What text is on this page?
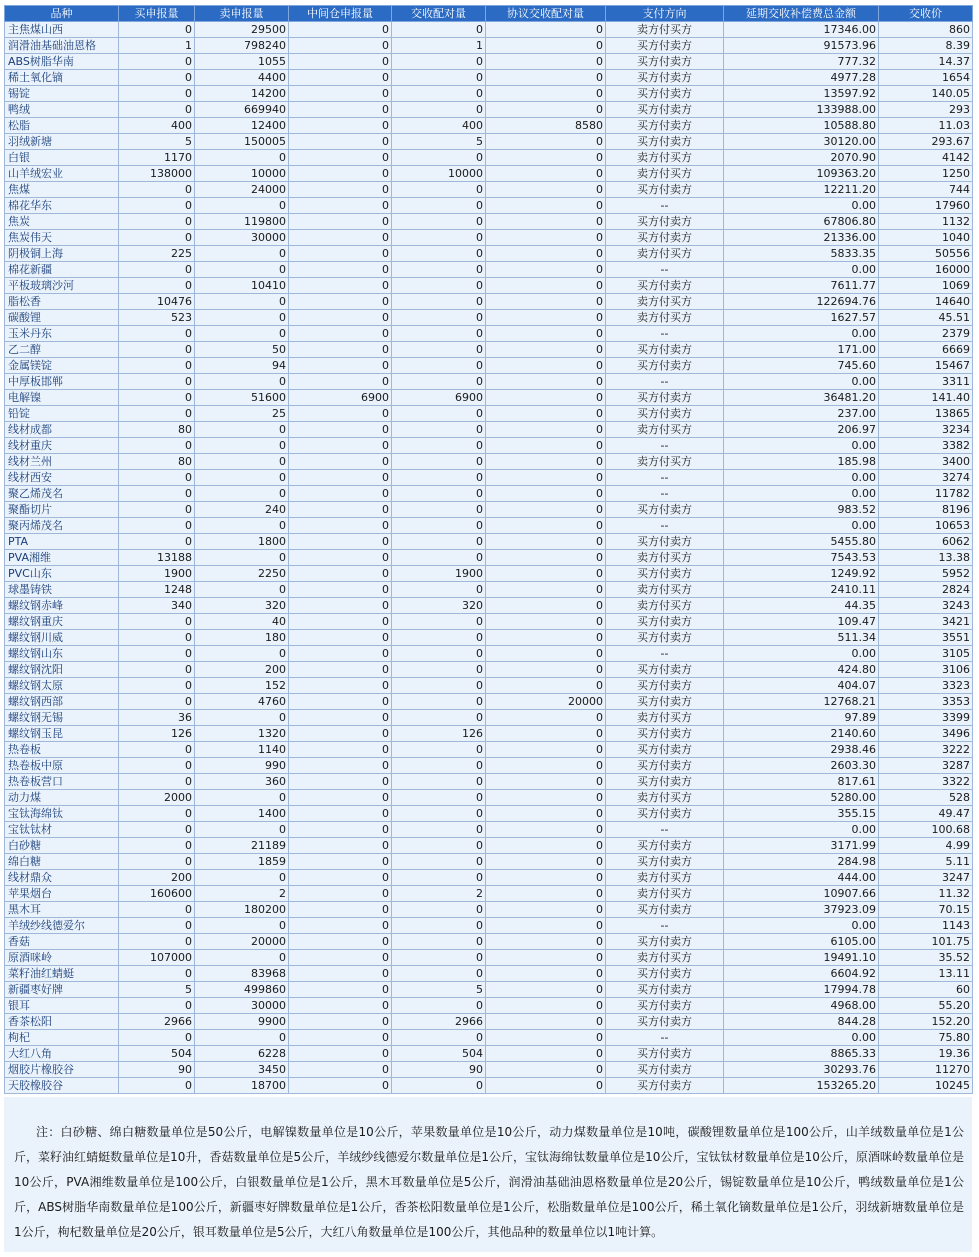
品种	买申报量	卖申报量	中间仓申报量	交收配对量	协议交收配对量	支付方向	延期交收补偿费总金额	交收价
主焦煤山西	0	29500	0	0	0	卖方付买方	17346.00	860
润滑油基础油恩格	1	798240	0	1	0	买方付卖方	91573.96	8.39
ABS树脂华南	0	1055	0	0	0	买方付卖方	777.32	14.37
稀土氧化镝	0	4400	0	0	0	买方付卖方	4977.28	1654
锡锭	0	14200	0	0	0	买方付卖方	13597.92	140.05
鸭绒	0	669940	0	0	0	买方付卖方	133988.00	293
松脂	400	12400	0	400	8580	买方付卖方	10588.80	11.03
羽绒新塘	5	150005	0	5	0	买方付卖方	30120.00	293.67
白银	1170	0	0	0	0	卖方付买方	2070.90	4142
山羊绒宏业	138000	10000	0	10000	0	卖方付买方	109363.20	1250
焦煤	0	24000	0	0	0	买方付卖方	12211.20	744
棉花华东	0	0	0	0	0	--	0.00	17960
焦炭	0	119800	0	0	0	买方付卖方	67806.80	1132
焦炭伟天	0	30000	0	0	0	买方付卖方	21336.00	1040
阴极铜上海	225	0	0	0	0	卖方付买方	5833.35	50556
棉花新疆	0	0	0	0	0	--	0.00	16000
平板玻璃沙河	0	10410	0	0	0	买方付卖方	7611.77	1069
脂松香	10476	0	0	0	0	卖方付买方	122694.76	14640
碳酸锂	523	0	0	0	0	卖方付买方	1627.57	45.51
玉米丹东	0	0	0	0	0	--	0.00	2379
乙二醇	0	50	0	0	0	买方付卖方	171.00	6669
金属镁锭	0	94	0	0	0	买方付卖方	745.60	15467
中厚板邯郸	0	0	0	0	0	--	0.00	3311
电解镍	0	51600	6900	6900	0	买方付卖方	36481.20	141.40
铅锭	0	25	0	0	0	买方付卖方	237.00	13865
线材成都	80	0	0	0	0	卖方付买方	206.97	3234
线材重庆	0	0	0	0	0	--	0.00	3382
线材兰州	80	0	0	0	0	卖方付买方	185.98	3400
线材西安	0	0	0	0	0	--	0.00	3274
聚乙烯茂名	0	0	0	0	0	--	0.00	11782
聚酯切片	0	240	0	0	0	买方付卖方	983.52	8196
聚丙烯茂名	0	0	0	0	0	--	0.00	10653
PTA	0	1800	0	0	0	买方付卖方	5455.80	6062
PVA湘维	13188	0	0	0	0	卖方付买方	7543.53	13.38
PVC山东	1900	2250	0	1900	0	买方付卖方	1249.92	5952
球墨铸铁	1248	0	0	0	0	卖方付买方	2410.11	2824
螺纹钢赤峰	340	320	0	320	0	卖方付买方	44.35	3243
螺纹钢重庆	0	40	0	0	0	买方付卖方	109.47	3421
螺纹钢川威	0	180	0	0	0	买方付卖方	511.34	3551
螺纹钢山东	0	0	0	0	0	--	0.00	3105
螺纹钢沈阳	0	200	0	0	0	买方付卖方	424.80	3106
螺纹钢太原	0	152	0	0	0	买方付卖方	404.07	3323
螺纹钢西部	0	4760	0	0	20000	买方付卖方	12768.21	3353
螺纹钢无锡	36	0	0	0	0	卖方付买方	97.89	3399
螺纹钢玉昆	126	1320	0	126	0	买方付卖方	2140.60	3496
热卷板	0	1140	0	0	0	买方付卖方	2938.46	3222
热卷板中原	0	990	0	0	0	买方付卖方	2603.30	3287
热卷板营口	0	360	0	0	0	买方付卖方	817.61	3322
动力煤	2000	0	0	0	0	卖方付买方	5280.00	528
宝钛海绵钛	0	1400	0	0	0	买方付卖方	355.15	49.47
宝钛钛材	0	0	0	0	0	--	0.00	100.68
白砂糖	0	21189	0	0	0	买方付卖方	3171.99	4.99
绵白糖	0	1859	0	0	0	买方付卖方	284.98	5.11
线材鼎众	200	0	0	0	0	卖方付买方	444.00	3247
苹果烟台	160600	2	0	2	0	卖方付买方	10907.66	11.32
黑木耳	0	180200	0	0	0	买方付卖方	37923.09	70.15
羊绒纱线德爱尔	0	0	0	0	0	--	0.00	1143
香菇	0	20000	0	0	0	买方付卖方	6105.00	101.75
原酒咪岭	107000	0	0	0	0	卖方付买方	19491.10	35.52
菜籽油红蜻蜓	0	83968	0	0	0	买方付卖方	6604.92	13.11
新疆枣好牌	5	499860	0	5	0	买方付卖方	17994.78	60
银耳	0	30000	0	0	0	买方付卖方	4968.00	55.20
香茶松阳	2966	9900	0	2966	0	买方付卖方	844.28	152.20
枸杞	0	0	0	0	0	--	0.00	75.80
大红八角	504	6228	0	504	0	买方付卖方	8865.33	19.36
烟胶片橡胶谷	90	3450	0	90	0	买方付卖方	30293.76	11270
天胶橡胶谷	0	18700	0	0	0	买方付卖方	153265.20	10245
注：白砂糖、绵白糖数量单位是50公斤，电解镍数量单位是10公斤，苹果数量单位是10公斤，动力煤数量单位是10吨，碳酸锂数量单位是100公斤，山羊绒数量单位是1公斤，菜籽油红蜻蜓数量单位是10升，香菇数量单位是5公斤，羊绒纱线德爱尔数量单位是1公斤，宝钛海绵钛数量单位是10公斤，宝钛钛材数量单位是10公斤，原酒咪岭数量单位是10公斤，PVA湘维数量单位是100公斤，白银数量单位是1公斤，黑木耳数量单位是5公斤，润滑油基础油恩格数量单位是20公斤，锡锭数量单位是10公斤，鸭绒数量单位是1公斤，ABS树脂华南数量单位是100公斤，新疆枣好牌数量单位是1公斤，香茶松阳数量单位是1公斤，松脂数量单位是100公斤，稀土氧化镝数量单位是1公斤，羽绒新塘数量单位是1公斤，枸杞数量单位是20公斤，银耳数量单位是5公斤，大红八角数量单位是100公斤，其他品种的数量单位以1吨计算。
